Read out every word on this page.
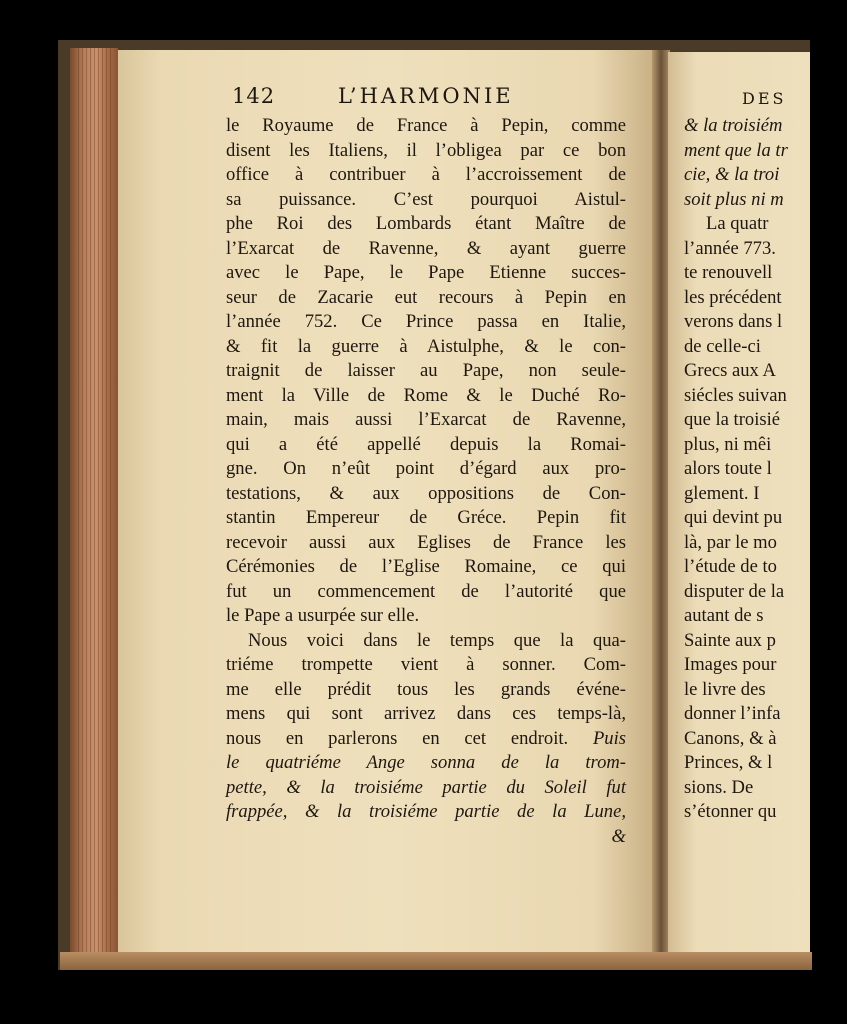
142	L’HARMONIE
le Royaume de France à Pepin, comme
disent les Italiens, il l’obligea par ce bon
office à contribuer à l’accroissement de
sa puissance. C’est pourquoi Aistul-
phe Roi des Lombards étant Maître de
l’Exarcat de Ravenne, & ayant guerre
avec le Pape, le Pape Etienne succes-
seur de Zacarie eut recours à Pepin en
l’année 752. Ce Prince passa en Italie,
& fit la guerre à Aistulphe, & le con-
traignit de laisser au Pape, non seule-
ment la Ville de Rome & le Duché Ro-
main, mais aussi l’Exarcat de Ravenne,
qui a été appellé depuis la Romai-
gne. On n’eût point d’égard aux pro-
testations, & aux oppositions de Con-
stantin Empereur de Gréce. Pepin fit
recevoir aussi aux Eglises de France les
Cérémonies de l’Eglise Romaine, ce qui
fut un commencement de l’autorité que
le Pape a usurpée sur elle.
Nous voici dans le temps que la qua-
triéme trompette vient à sonner. Com-
me elle prédit tous les grands événe-
mens qui sont arrivez dans ces temps-là,
nous en parlerons en cet endroit. Puis
le quatriéme Ange sonna de la trom-
pette, & la troisiéme partie du Soleil fut
frappée, & la troisiéme partie de la Lune,
&
DES
& la troisiém
ment que la tr
cie, & la troi
soit plus ni m
La quatr
l’année 773.
te renouvell
les précédent
verons dans l
de celle-ci
Grecs aux A
siécles suivan
que la troisié
plus, ni mêi
alors toute l
glement. I
qui devint pu
là, par le mo
l’étude de to
disputer de la
autant de s
Sainte aux p
Images pour
le livre des
donner l’infa
Canons, & à
Princes, & l
sions. De
s’étonner qu
